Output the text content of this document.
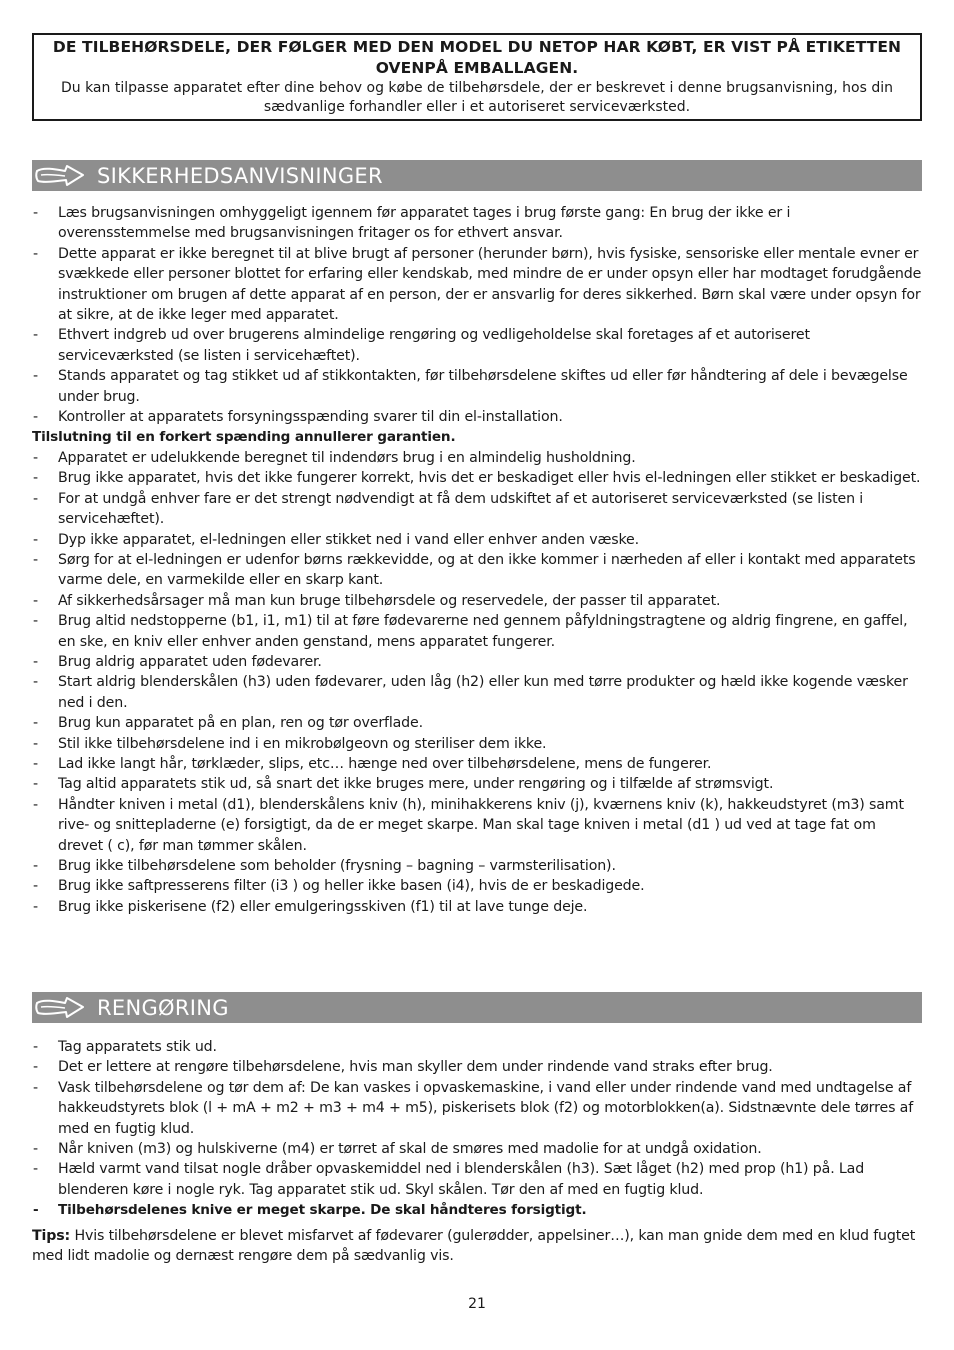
DE TILBEHØRSDELE, DER FØLGER MED DEN MODEL DU NETOP HAR KØBT, ER VIST PÅ ETIKETTEN OVENPÅ EMBALLAGEN.
Du kan tilpasse apparatet efter dine behov og købe de tilbehørsdele, der er beskrevet i denne brugsanvisning, hos din sædvanlige forhandler eller i et autoriseret serviceværksted.
SIKKERHEDSANVISNINGER
- Læs brugsanvisningen omhyggeligt igennem før apparatet tages i brug første gang: En brug der ikke er i overensstemmelse med brugsanvisningen fritager os for ethvert ansvar.
- Dette apparat er ikke beregnet til at blive brugt af personer (herunder børn), hvis fysiske, sensoriske eller mentale evner er svækkede eller personer blottet for erfaring eller kendskab, med mindre de er under opsyn eller har modtaget forudgående instruktioner om brugen af dette apparat af en person, der er ansvarlig for deres sikkerhed. Børn skal være under opsyn for at sikre, at de ikke leger med apparatet.
- Ethvert indgreb ud over brugerens almindelige rengøring og vedligeholdelse skal foretages af et autoriseret serviceværksted (se listen i servicehæftet).
- Stands apparatet og tag stikket ud af stikkontakten, før tilbehørsdelene skiftes ud eller før håndtering af dele i bevægelse under brug.
- Kontroller at apparatets forsyningsspænding svarer til din el-installation.
Tilslutning til en forkert spænding annullerer garantien.
- Apparatet er udelukkende beregnet til indendørs brug i en almindelig husholdning.
- Brug ikke apparatet, hvis det ikke fungerer korrekt, hvis det er beskadiget eller hvis el-ledningen eller stikket er beskadiget.
- For at undgå enhver fare er det strengt nødvendigt at få dem udskiftet af et autoriseret serviceværksted (se listen i servicehæftet).
- Dyp ikke apparatet, el-ledningen eller stikket ned i vand eller enhver anden væske.
- Sørg for at el-ledningen er udenfor børns rækkevidde, og at den ikke kommer i nærheden af eller i kontakt med apparatets varme dele, en varmekilde eller en skarp kant.
- Af sikkerhedsårsager må man kun bruge tilbehørsdele og reservedele, der passer til apparatet.
- Brug altid nedstopperne (b1, i1, m1) til at føre fødevarerne ned gennem påfyldningstragtene og aldrig fingrene, en gaffel, en ske, en kniv eller enhver anden genstand, mens apparatet fungerer.
- Brug aldrig apparatet uden fødevarer.
- Start aldrig blenderskålen (h3) uden fødevarer, uden låg (h2) eller kun med tørre produkter og hæld ikke kogende væsker ned i den.
- Brug kun apparatet på en plan, ren og tør overflade.
- Stil ikke tilbehørsdelene ind i en mikrobølgeovn og steriliser dem ikke.
- Lad ikke langt hår, tørklæder, slips, etc… hænge ned over tilbehørsdelene, mens de fungerer.
- Tag altid apparatets stik ud, så snart det ikke bruges mere, under rengøring og i tilfælde af strømsvigt.
- Håndter kniven i metal (d1), blenderskålens kniv (h), minihakkerens kniv (j), kværnens kniv (k), hakkeudstyret (m3) samt rive- og snittepladerne (e) forsigtigt, da de er meget skarpe. Man skal tage kniven i metal (d1 ) ud ved at tage fat om drevet ( c), før man tømmer skålen.
- Brug ikke tilbehørsdelene som beholder (frysning – bagning – varmsterilisation).
- Brug ikke saftpresserens filter (i3 ) og heller ikke basen (i4), hvis de er beskadigede.
- Brug ikke piskerisene (f2) eller emulgeringsskiven (f1) til at lave tunge deje.
RENGØRING
- Tag apparatets stik ud.
- Det er lettere at rengøre tilbehørsdelene, hvis man skyller dem under rindende vand straks efter brug.
- Vask tilbehørsdelene og tør dem af: De kan vaskes i opvaskemaskine, i vand eller under rindende vand med undtagelse af hakkeudstyrets blok (l + mA + m2 + m3 + m4 + m5), piskerisets blok (f2) og motorblokken(a). Sidstnævnte dele tørres af med en fugtig klud.
- Når kniven (m3) og hulskiverne (m4) er tørret af skal de smøres med madolie for at undgå oxidation.
- Hæld varmt vand tilsat nogle dråber opvaskemiddel ned i blenderskålen (h3). Sæt låget (h2) med prop (h1) på. Lad blenderen køre i nogle ryk. Tag apparatet stik ud. Skyl skålen. Tør den af med en fugtig klud.
- Tilbehørsdelenes knive er meget skarpe. De skal håndteres forsigtigt.
Tips: Hvis tilbehørsdelene er blevet misfarvet af fødevarer (gulerødder, appelsiner…), kan man gnide dem med en klud fugtet med lidt madolie og dernæst rengøre dem på sædvanlig vis.
21
